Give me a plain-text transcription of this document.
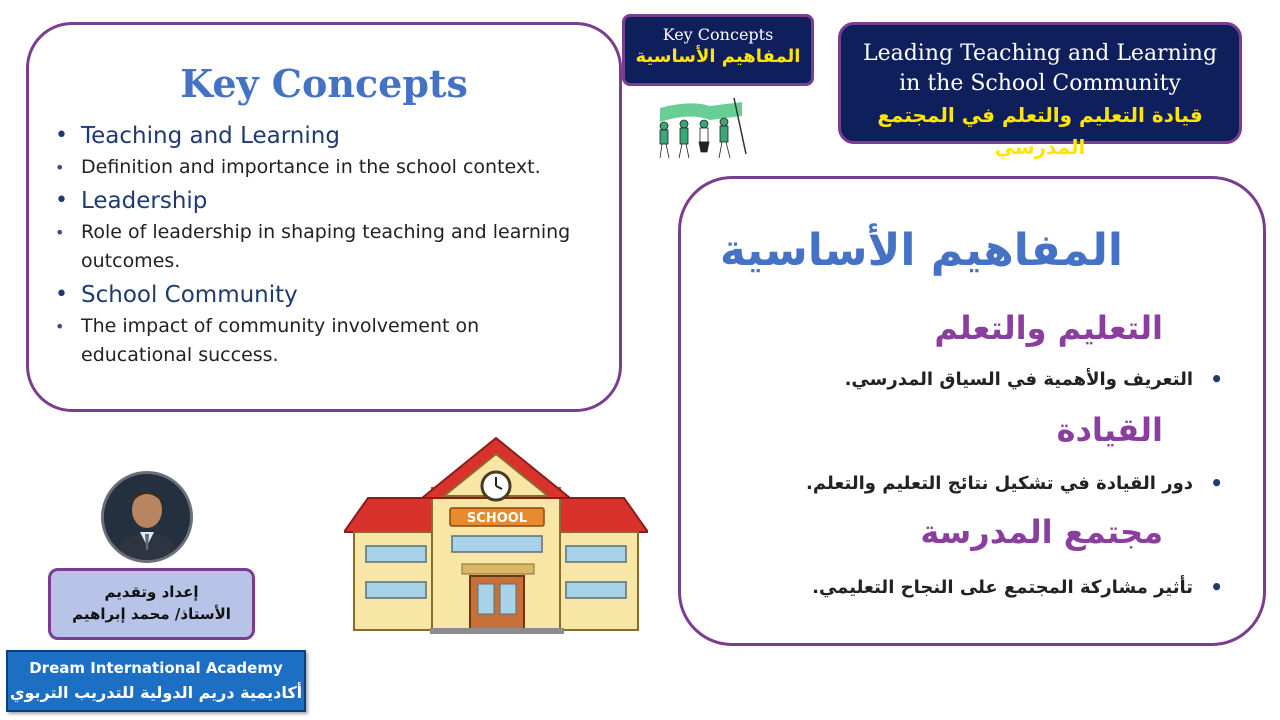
Key Concepts
• Teaching and Learning
• Definition and importance in the school context.
• Leadership
• Role of leadership in shaping teaching and learning
outcomes.
• School Community
• The impact of community involvement on
educational success.
Key Concepts
المفاهيم الأساسية	Leading Teaching and Learning
in the School Community
قيادة التعليم والتعلم في المجتمع المدرسي
المفاهيم الأساسية
التعليم والتعلم
التعريف والأهمية في السياق المدرسي. •
القيادة
دور القيادة في تشكيل نتائج التعليم والتعلم. •
مجتمع المدرسة
تأثير مشاركة المجتمع على النجاح التعليمي. •
SCHOOL
إعداد وتقديم
الأستاذ/ محمد إبراهيم
Dream International Academy
أكاديمية دريم الدولية للتدريب التربوي
